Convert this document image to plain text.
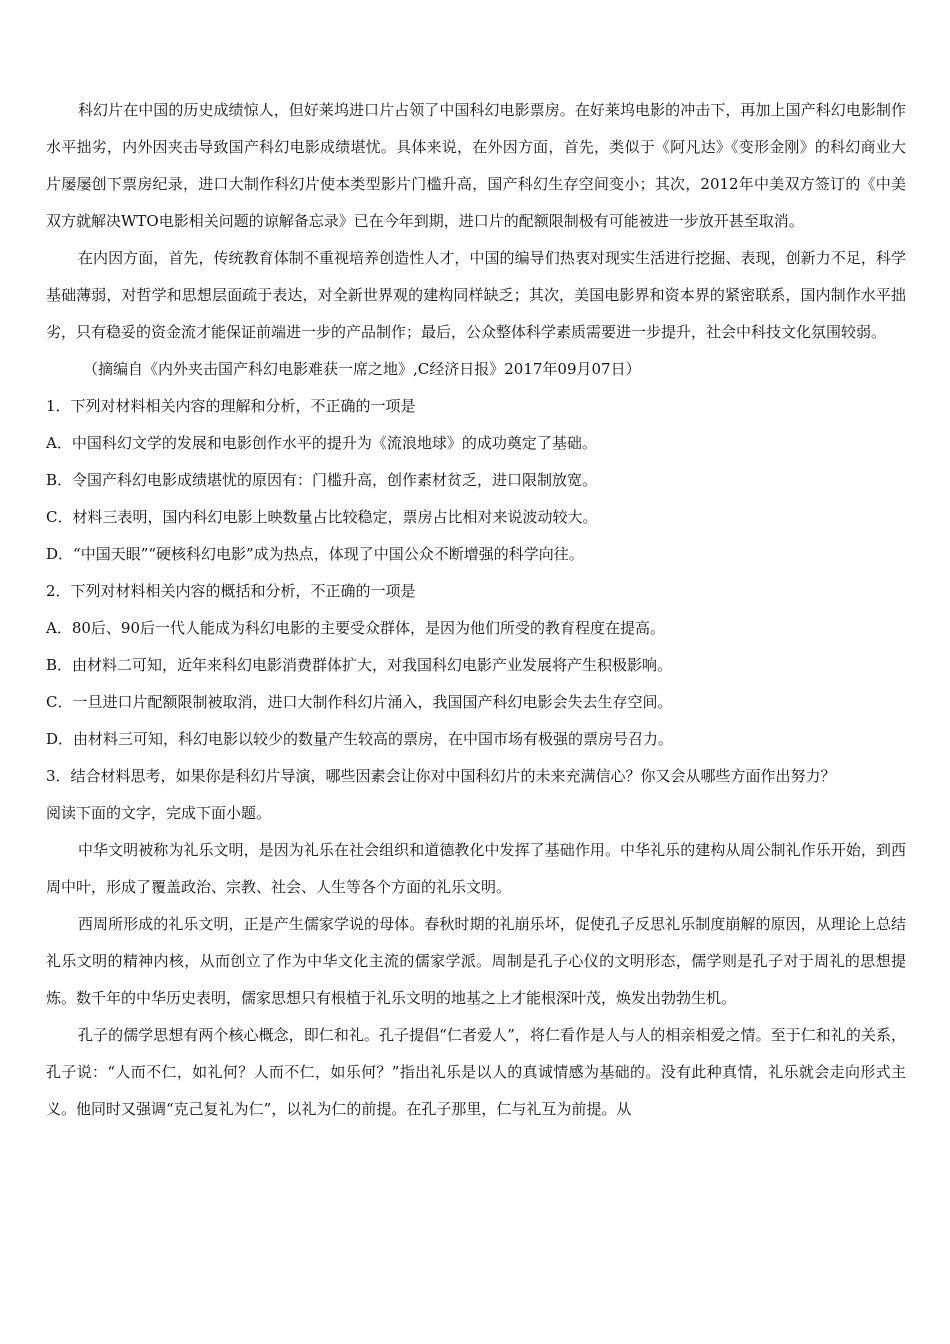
科幻片在中国的历史成绩惊人，但好莱坞进口片占领了中国科幻电影票房。在好莱坞电影的冲击下，再加上国产科幻电影制作水平拙劣，内外因夹击导致国产科幻电影成绩堪忧。具体来说，在外因方面，首先，类似于《阿凡达》《变形金刚》的科幻商业大片屡屡创下票房纪录，进口大制作科幻片使本类型影片门槛升高，国产科幻生存空间变小；其次，2012年中美双方签订的《中美双方就解决WTO电影相关问题的谅解备忘录》已在今年到期，进口片的配额限制极有可能被进一步放开甚至取消。

在内因方面，首先，传统教育体制不重视培养创造性人才，中国的编导们热衷对现实生活进行挖掘、表现，创新力不足，科学基础薄弱，对哲学和思想层面疏于表达，对全新世界观的建构同样缺乏；其次，美国电影界和资本界的紧密联系，国内制作水平拙劣，只有稳妥的资金流才能保证前端进一步的产品制作；最后，公众整体科学素质需要进一步提升，社会中科技文化氛围较弱。

（摘编自《内外夹击国产科幻电影难获一席之地》,C经济日报》2017年09月07日）

1．下列对材料相关内容的理解和分析，不正确的一项是

A．中国科幻文学的发展和电影创作水平的提升为《流浪地球》的成功奠定了基础。

B．令国产科幻电影成绩堪忧的原因有：门槛升高，创作素材贫乏，进口限制放宽。

C．材料三表明，国内科幻电影上映数量占比较稳定，票房占比相对来说波动较大。

D．“中国天眼”“硬核科幻电影”成为热点，体现了中国公众不断增强的科学向往。

2．下列对材料相关内容的概括和分析，不正确的一项是

A．80后、90后一代人能成为科幻电影的主要受众群体，是因为他们所受的教育程度在提高。

B．由材料二可知，近年来科幻电影消费群体扩大，对我国科幻电影产业发展将产生积极影响。

C．一旦进口片配额限制被取消，进口大制作科幻片涌入，我国国产科幻电影会失去生存空间。

D．由材料三可知，科幻电影以较少的数量产生较高的票房，在中国市场有极强的票房号召力。

3．结合材料思考，如果你是科幻片导演，哪些因素会让你对中国科幻片的未来充满信心？你又会从哪些方面作出努力？

阅读下面的文字，完成下面小题。

中华文明被称为礼乐文明，是因为礼乐在社会组织和道德教化中发挥了基础作用。中华礼乐的建构从周公制礼作乐开始，到西周中叶，形成了覆盖政治、宗教、社会、人生等各个方面的礼乐文明。

西周所形成的礼乐文明，正是产生儒家学说的母体。春秋时期的礼崩乐坏，促使孔子反思礼乐制度崩解的原因，从理论上总结礼乐文明的精神内核，从而创立了作为中华文化主流的儒家学派。周制是孔子心仪的文明形态，儒学则是孔子对于周礼的思想提炼。数千年的中华历史表明，儒家思想只有根植于礼乐文明的地基之上才能根深叶茂，焕发出勃勃生机。

孔子的儒学思想有两个核心概念，即仁和礼。孔子提倡“仁者爱人”，将仁看作是人与人的相亲相爱之情。至于仁和礼的关系，孔子说：“人而不仁，如礼何？人而不仁，如乐何？”指出礼乐是以人的真诚情感为基础的。没有此种真情，礼乐就会走向形式主义。他同时又强调“克己复礼为仁”，以礼为仁的前提。在孔子那里，仁与礼互为前提。从
